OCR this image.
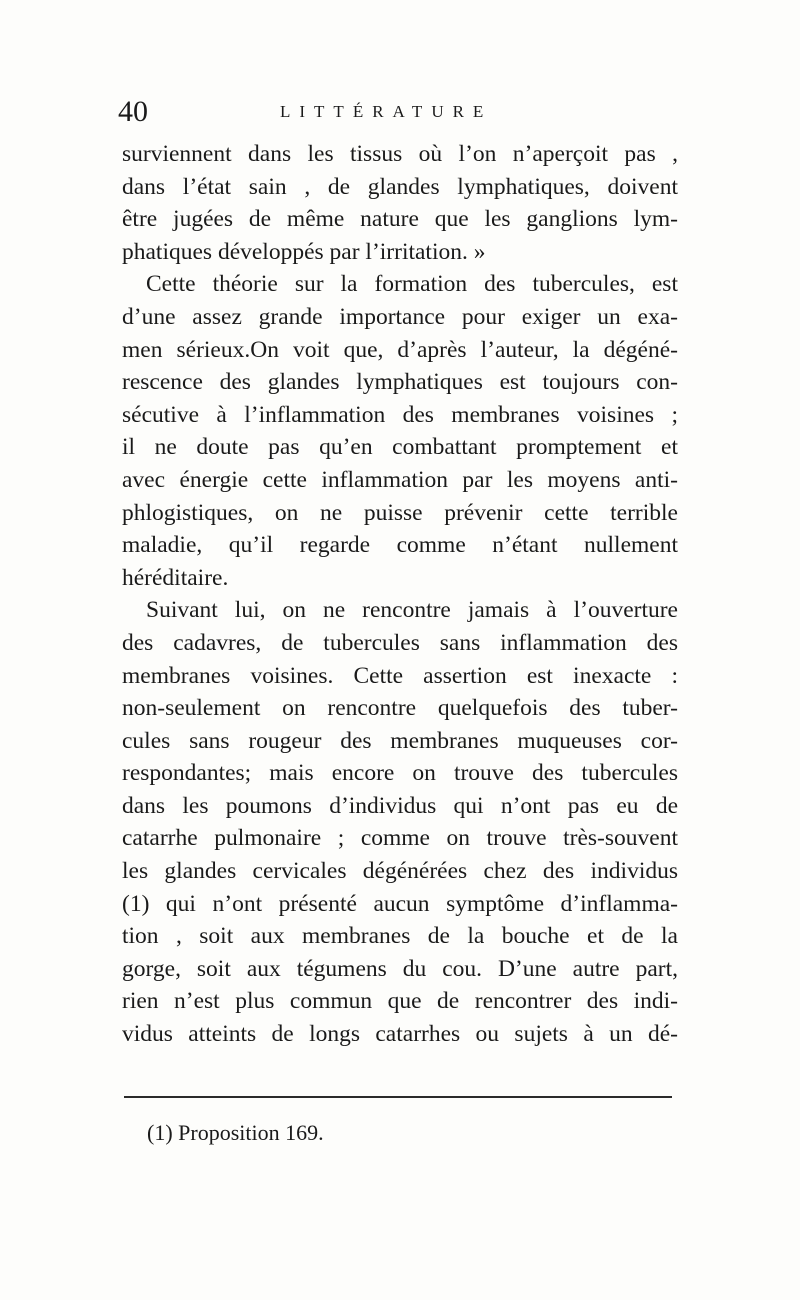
40	LITTÉRATURE
surviennent dans les tissus où l’on n’aperçoit pas ,
dans l’état sain , de glandes lymphatiques, doivent
être jugées de même nature que les ganglions lym-
phatiques développés par l’irritation. »
Cette théorie sur la formation des tubercules, est
d’une assez grande importance pour exiger un exa-
men sérieux.On voit que, d’après l’auteur, la dégéné-
rescence des glandes lymphatiques est toujours con-
sécutive à l’inflammation des membranes voisines ;
il ne doute pas qu’en combattant promptement et
avec énergie cette inflammation par les moyens anti-
phlogistiques, on ne puisse prévenir cette terrible
maladie, qu’il regarde comme n’étant nullement
héréditaire.
Suivant lui, on ne rencontre jamais à l’ouverture
des cadavres, de tubercules sans inflammation des
membranes voisines. Cette assertion est inexacte :
non-seulement on rencontre quelquefois des tuber-
cules sans rougeur des membranes muqueuses cor-
respondantes; mais encore on trouve des tubercules
dans les poumons d’individus qui n’ont pas eu de
catarrhe pulmonaire ; comme on trouve très-souvent
les glandes cervicales dégénérées chez des individus
(1) qui n’ont présenté aucun symptôme d’inflamma-
tion , soit aux membranes de la bouche et de la
gorge, soit aux tégumens du cou. D’une autre part,
rien n’est plus commun que de rencontrer des indi-
vidus atteints de longs catarrhes ou sujets à un dé-
(1) Proposition 169.
